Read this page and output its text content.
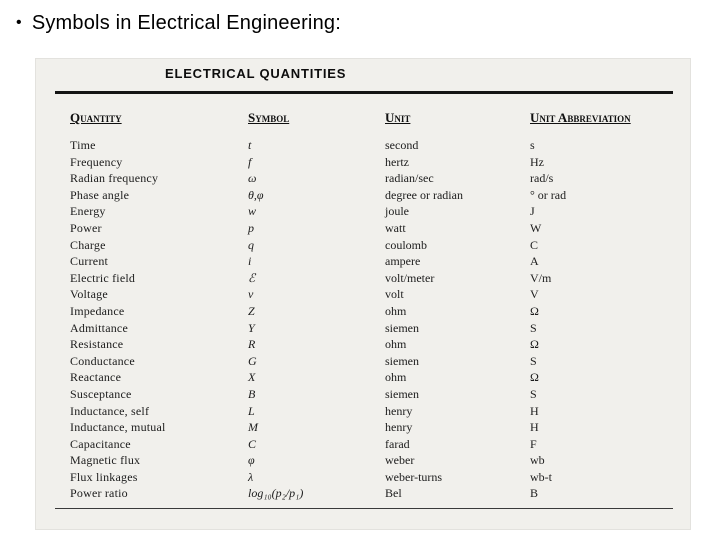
• Symbols in Electrical Engineering:
ELECTRICAL QUANTITIES
Quantity	Symbol	Unit	Unit Abbreviation
Time	t	second	s
Frequency	f	hertz	Hz
Radian frequency	ω	radian/sec	rad/s
Phase angle	θ,φ	degree or radian	° or rad
Energy	w	joule	J
Power	p	watt	W
Charge	q	coulomb	C
Current	i	ampere	A
Electric field	ℰ	volt/meter	V/m
Voltage	v	volt	V
Impedance	Z	ohm	Ω
Admittance	Y	siemen	S
Resistance	R	ohm	Ω
Conductance	G	siemen	S
Reactance	X	ohm	Ω
Susceptance	B	siemen	S
Inductance, self	L	henry	H
Inductance, mutual	M	henry	H
Capacitance	C	farad	F
Magnetic flux	φ	weber	wb
Flux linkages	λ	weber-turns	wb-t
Power ratio	log₁₀(p₂/p₁)	Bel	B
